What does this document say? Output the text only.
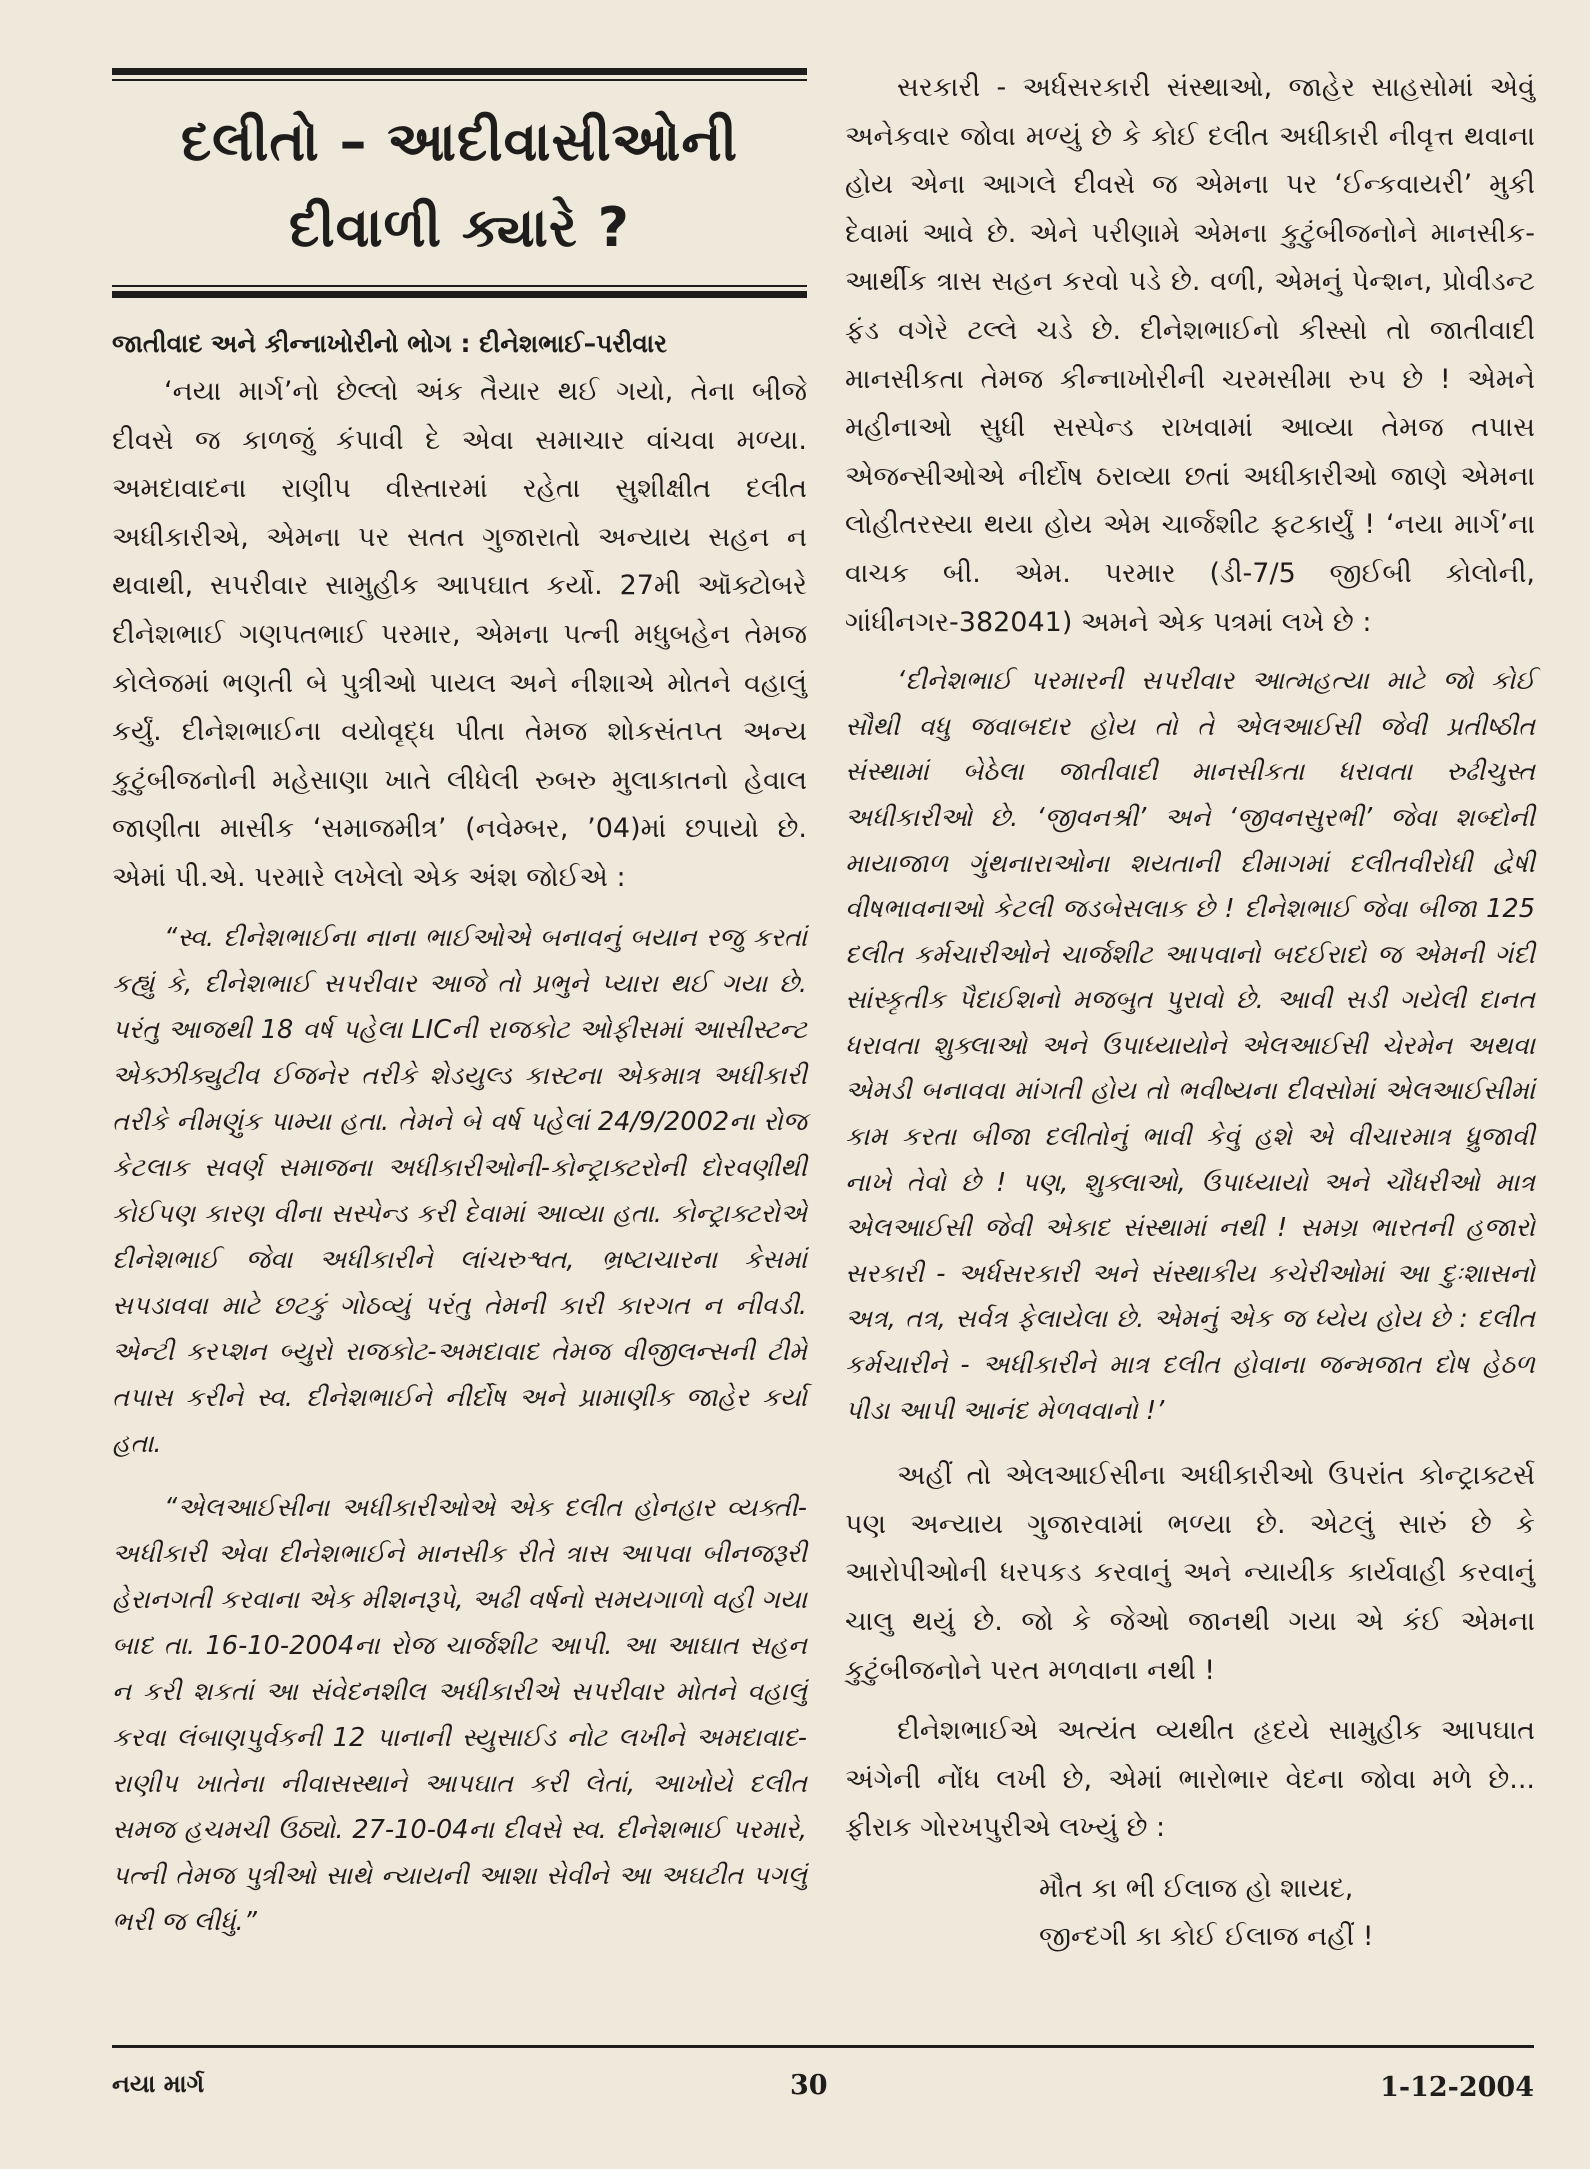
દલીતો – આદીવાસીઓની
દીવાળી ક્યારે ?
જાતીવાદ અને કીન્નાખોરીનો ભોગ : દીનેશભાઈ–પરીવાર

‘નયા માર્ગ’નો છેલ્લો અંક તૈયાર થઈ ગયો, તેના બીજે દીવસે જ કાળજું કંપાવી દે એવા સમાચાર વાંચવા મળ્યા. અમદાવાદના રાણીપ વીસ્તારમાં રહેતા સુશીક્ષીત દલીત અધીકારીએ, એમના પર સતત ગુજારાતો અન્યાય સહન ન થવાથી, સપરીવાર સામુહીક આપઘાત કર્યો. 27મી ઑક્ટોબરે દીનેશભાઈ ગણપતભાઈ પરમાર, એમના પત્ની મધુબહેન તેમજ કોલેજમાં ભણતી બે પુત્રીઓ પાયલ અને નીશાએ મોતને વહાલું કર્યું. દીનેશભાઈના વયોવૃદ્ધ પીતા તેમજ શોકસંતપ્ત અન્ય કુટુંબીજનોની મહેસાણા ખાતે લીધેલી રુબરુ મુલાકાતનો હેવાલ જાણીતા માસીક ‘સમાજમીત્ર’ (નવેમ્બર, ’04)માં છપાયો છે. એમાં પી.એ. પરમારે લખેલો એક અંશ જોઈએ :

“સ્વ. દીનેશભાઈના નાના ભાઈઓએ બનાવનું બયાન રજુ કરતાં કહ્યું કે, દીનેશભાઈ સપરીવાર આજે તો પ્રભુને પ્યારા થઈ ગયા છે. પરંતુ આજથી 18 વર્ષ પહેલા LICની રાજકોટ ઓફીસમાં આસીસ્ટન્ટ એક્ઝીક્યુટીવ ઈજનેર તરીકે શેડયુલ્ડ કાસ્ટના એકમાત્ર અધીકારી તરીકે નીમણુંક પામ્યા હતા. તેમને બે વર્ષ પહેલાં 24/9/2002ના રોજ કેટલાક સવર્ણ સમાજના અધીકારીઓની-કોન્ટ્રાક્ટરોની દોરવણીથી કોઈપણ કારણ વીના સસ્પેન્ડ કરી દેવામાં આવ્યા હતા. કોન્ટ્રાક્ટરોએ દીનેશભાઈ જેવા અધીકારીને લાંચરુશ્વત, ભ્રષ્ટાચારના કેસમાં સપડાવવા માટે છટકું ગોઠવ્યું પરંતુ તેમની કારી કારગત ન નીવડી. એન્ટી કરપ્શન બ્યુરો રાજકોટ-અમદાવાદ તેમજ વીજીલન્સની ટીમે તપાસ કરીને સ્વ. દીનેશભાઈને નીર્દોષ અને પ્રામાણીક જાહેર કર્યા હતા.

“એલઆઈસીના અધીકારીઓએ એક દલીત હોનહાર વ્યક્તી-અધીકારી એવા દીનેશભાઈને માનસીક રીતે ત્રાસ આપવા બીનજરૂરી હેરાનગતી કરવાના એક મીશનરૂપે, અઢી વર્ષનો સમયગાળો વહી ગયા બાદ તા. 16-10-2004ના રોજ ચાર્જશીટ આપી. આ આઘાત સહન ન કરી શકતાં આ સંવેદનશીલ અધીકારીએ સપરીવાર મોતને વહાલું કરવા લંબાણપુર્વકની 12 પાનાની સ્યુસાઈડ નોટ લખીને અમદાવાદ-રાણીપ ખાતેના નીવાસસ્થાને આપઘાત કરી લેતાં, આખોયે દલીત સમજ હચમચી ઉઠ્યો. 27-10-04ના દીવસે સ્વ. દીનેશભાઈ પરમારે, પત્ની તેમજ પુત્રીઓ સાથે ન્યાયની આશા સેવીને આ અઘટીત પગલું ભરી જ લીધું.”

સરકારી - અર્ધસરકારી સંસ્થાઓ, જાહેર સાહસોમાં એવું અનેકવાર જોવા મળ્યું છે કે કોઈ દલીત અધીકારી નીવૃત્ત થવાના હોય એના આગલે દીવસે જ એમના પર ‘ઈન્કવાયરી’ મુકી દેવામાં આવે છે. એને પરીણામે એમના કુટુંબીજનોને માનસીક-આર્થીક ત્રાસ સહન કરવો પડે છે. વળી, એમનું પેન્શન, પ્રોવીડન્ટ ફંડ વગેરે ટલ્લે ચડે છે. દીનેશભાઈનો કીસ્સો તો જાતીવાદી માનસીકતા તેમજ કીન્નાખોરીની ચરમસીમા રુપ છે ! એમને મહીનાઓ સુધી સસ્પેન્ડ રાખવામાં આવ્યા તેમજ તપાસ એજન્સીઓએ નીર્દોષ ઠરાવ્યા છતાં અધીકારીઓ જાણે એમના લોહીતરસ્યા થયા હોય એમ ચાર્જશીટ ફટકાર્યું ! ‘નયા માર્ગ’ના વાચક બી. એમ. પરમાર (ડી-7/5 જીઈબી કોલોની, ગાંધીનગર-382041) અમને એક પત્રમાં લખે છે :

‘દીનેશભાઈ પરમારની સપરીવાર આત્મહત્યા માટે જો કોઈ સૌથી વધુ જવાબદાર હોય તો તે એલઆઈસી જેવી પ્રતીષ્ઠીત સંસ્થામાં બેઠેલા જાતીવાદી માનસીકતા ધરાવતા રુઢીચુસ્ત અધીકારીઓ છે. ‘જીવનશ્રી’ અને ‘જીવનસુરભી’ જેવા શબ્દોની માયાજાળ ગુંથનારાઓના શયતાની દીમાગમાં દલીતવીરોધી દ્વેષી વીષભાવનાઓ કેટલી જડબેસલાક છે ! દીનેશભાઈ જેવા બીજા 125 દલીત કર્મચારીઓને ચાર્જશીટ આપવાનો બદઈરાદો જ એમની ગંદી સાંસ્કૃતીક પૈદાઈશનો મજબુત પુરાવો છે. આવી સડી ગયેલી દાનત ધરાવતા શુક્લાઓ અને ઉપાધ્યાયોને એલઆઈસી ચેરમેન અથવા એમડી બનાવવા માંગતી હોય તો ભવીષ્યના દીવસોમાં એલઆઈસીમાં કામ કરતા બીજા દલીતોનું ભાવી કેવું હશે એ વીચારમાત્ર ધ્રુજાવી નાખે તેવો છે ! પણ, શુક્લાઓ, ઉપાધ્યાયો અને ચૌધરીઓ માત્ર એલઆઈસી જેવી એકાદ સંસ્થામાં નથી ! સમગ્ર ભારતની હજારો સરકારી - અર્ધસરકારી અને સંસ્થાકીય કચેરીઓમાં આ દુઃશાસનો અત્ર, તત્ર, સર્વત્ર ફેલાયેલા છે. એમનું એક જ ધ્યેય હોય છે : દલીત કર્મચારીને - અધીકારીને માત્ર દલીત હોવાના જન્મજાત દોષ હેઠળ પીડા આપી આનંદ મેળવવાનો !’

અહીં તો એલઆઈસીના અધીકારીઓ ઉપરાંત કોન્ટ્રાક્ટર્સ પણ અન્યાય ગુજારવામાં ભળ્યા છે. એટલું સારું છે કે આરોપીઓની ધરપકડ કરવાનું અને ન્યાયીક કાર્યવાહી કરવાનું ચાલુ થયું છે. જો કે જેઓ જાનથી ગયા એ કંઈ એમના કુટુંબીજનોને પરત મળવાના નથી !

દીનેશભાઈએ અત્યંત વ્યથીત હૃદયે સામુહીક આપઘાત અંગેની નોંધ લખી છે, એમાં ભારોભાર વેદના જોવા મળે છે... ફીરાક ગોરખપુરીએ લખ્યું છે :

મૌત કા ભી ઈલાજ હો શાયદ,
જીન્દગી કા કોઈ ઈલાજ નહીં !
નયા માર્ગ	30	1-12-2004
